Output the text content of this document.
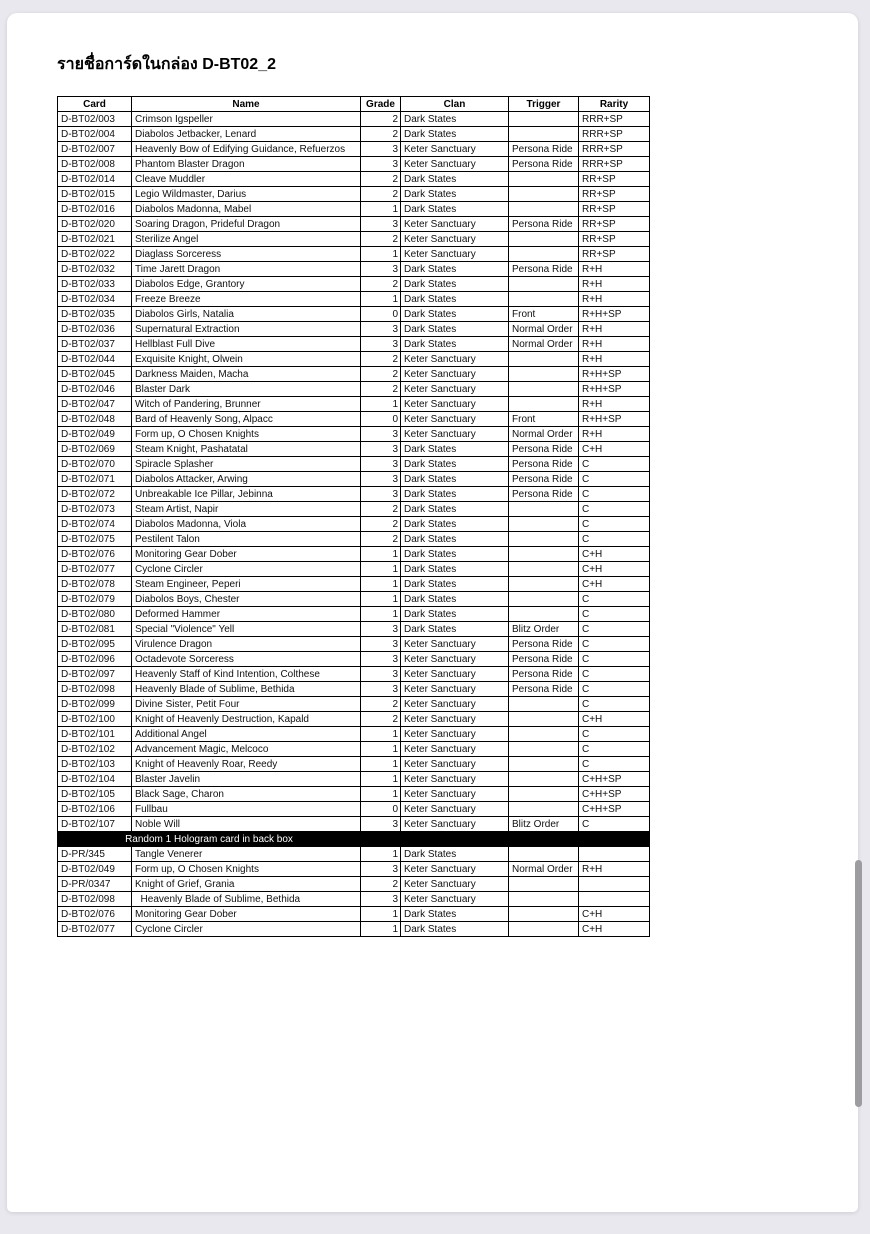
รายชื่อการ์ดในกล่อง D-BT02_2
Card	Name	Grade	Clan	Trigger	Rarity
D-BT02/003	Crimson Igspeller	2	Dark States		RRR+SP
D-BT02/004	Diabolos Jetbacker, Lenard	2	Dark States		RRR+SP
D-BT02/007	Heavenly Bow of Edifying Guidance, Refuerzos	3	Keter Sanctuary	Persona Ride	RRR+SP
D-BT02/008	Phantom Blaster Dragon	3	Keter Sanctuary	Persona Ride	RRR+SP
D-BT02/014	Cleave Muddler	2	Dark States		RR+SP
D-BT02/015	Legio Wildmaster, Darius	2	Dark States		RR+SP
D-BT02/016	Diabolos Madonna, Mabel	1	Dark States		RR+SP
D-BT02/020	Soaring Dragon, Prideful Dragon	3	Keter Sanctuary	Persona Ride	RR+SP
D-BT02/021	Sterilize Angel	2	Keter Sanctuary		RR+SP
D-BT02/022	Diaglass Sorceress	1	Keter Sanctuary		RR+SP
D-BT02/032	Time Jarett Dragon	3	Dark States	Persona Ride	R+H
D-BT02/033	Diabolos Edge, Grantory	2	Dark States		R+H
D-BT02/034	Freeze Breeze	1	Dark States		R+H
D-BT02/035	Diabolos Girls, Natalia	0	Dark States	Front	R+H+SP
D-BT02/036	Supernatural Extraction	3	Dark States	Normal Order	R+H
D-BT02/037	Hellblast Full Dive	3	Dark States	Normal Order	R+H
D-BT02/044	Exquisite Knight, Olwein	2	Keter Sanctuary		R+H
D-BT02/045	Darkness Maiden, Macha	2	Keter Sanctuary		R+H+SP
D-BT02/046	Blaster Dark	2	Keter Sanctuary		R+H+SP
D-BT02/047	Witch of Pandering, Brunner	1	Keter Sanctuary		R+H
D-BT02/048	Bard of Heavenly Song, Alpacc	0	Keter Sanctuary	Front	R+H+SP
D-BT02/049	Form up, O Chosen Knights	3	Keter Sanctuary	Normal Order	R+H
D-BT02/069	Steam Knight, Pashatatal	3	Dark States	Persona Ride	C+H
D-BT02/070	Spiracle Splasher	3	Dark States	Persona Ride	C
D-BT02/071	Diabolos Attacker, Arwing	3	Dark States	Persona Ride	C
D-BT02/072	Unbreakable Ice Pillar, Jebinna	3	Dark States	Persona Ride	C
D-BT02/073	Steam Artist, Napir	2	Dark States		C
D-BT02/074	Diabolos Madonna, Viola	2	Dark States		C
D-BT02/075	Pestilent Talon	2	Dark States		C
D-BT02/076	Monitoring Gear Dober	1	Dark States		C+H
D-BT02/077	Cyclone Circler	1	Dark States		C+H
D-BT02/078	Steam Engineer, Peperi	1	Dark States		C+H
D-BT02/079	Diabolos Boys, Chester	1	Dark States		C
D-BT02/080	Deformed Hammer	1	Dark States		C
D-BT02/081	Special "Violence" Yell	3	Dark States	Blitz Order	C
D-BT02/095	Virulence Dragon	3	Keter Sanctuary	Persona Ride	C
D-BT02/096	Octadevote Sorceress	3	Keter Sanctuary	Persona Ride	C
D-BT02/097	Heavenly Staff of Kind Intention, Colthese	3	Keter Sanctuary	Persona Ride	C
D-BT02/098	Heavenly Blade of Sublime, Bethida	3	Keter Sanctuary	Persona Ride	C
D-BT02/099	Divine Sister, Petit Four	2	Keter Sanctuary		C
D-BT02/100	Knight of Heavenly Destruction, Kapald	2	Keter Sanctuary		C+H
D-BT02/101	Additional Angel	1	Keter Sanctuary		C
D-BT02/102	Advancement Magic, Melcoco	1	Keter Sanctuary		C
D-BT02/103	Knight of Heavenly Roar, Reedy	1	Keter Sanctuary		C
D-BT02/104	Blaster Javelin	1	Keter Sanctuary		C+H+SP
D-BT02/105	Black Sage, Charon	1	Keter Sanctuary		C+H+SP
D-BT02/106	Fullbau	0	Keter Sanctuary		C+H+SP
D-BT02/107	Noble Will	3	Keter Sanctuary	Blitz Order	C
Random 1 Hologram card in back box					
D-PR/345	Tangle Venerer	1	Dark States		
D-BT02/049	Form up, O Chosen Knights	3	Keter Sanctuary	Normal Order	R+H
D-PR/0347	Knight of Grief, Grania	2	Keter Sanctuary		
D-BT02/098	Heavenly Blade of Sublime, Bethida	3	Keter Sanctuary		
D-BT02/076	Monitoring Gear Dober	1	Dark States		C+H
D-BT02/077	Cyclone Circler	1	Dark States		C+H
